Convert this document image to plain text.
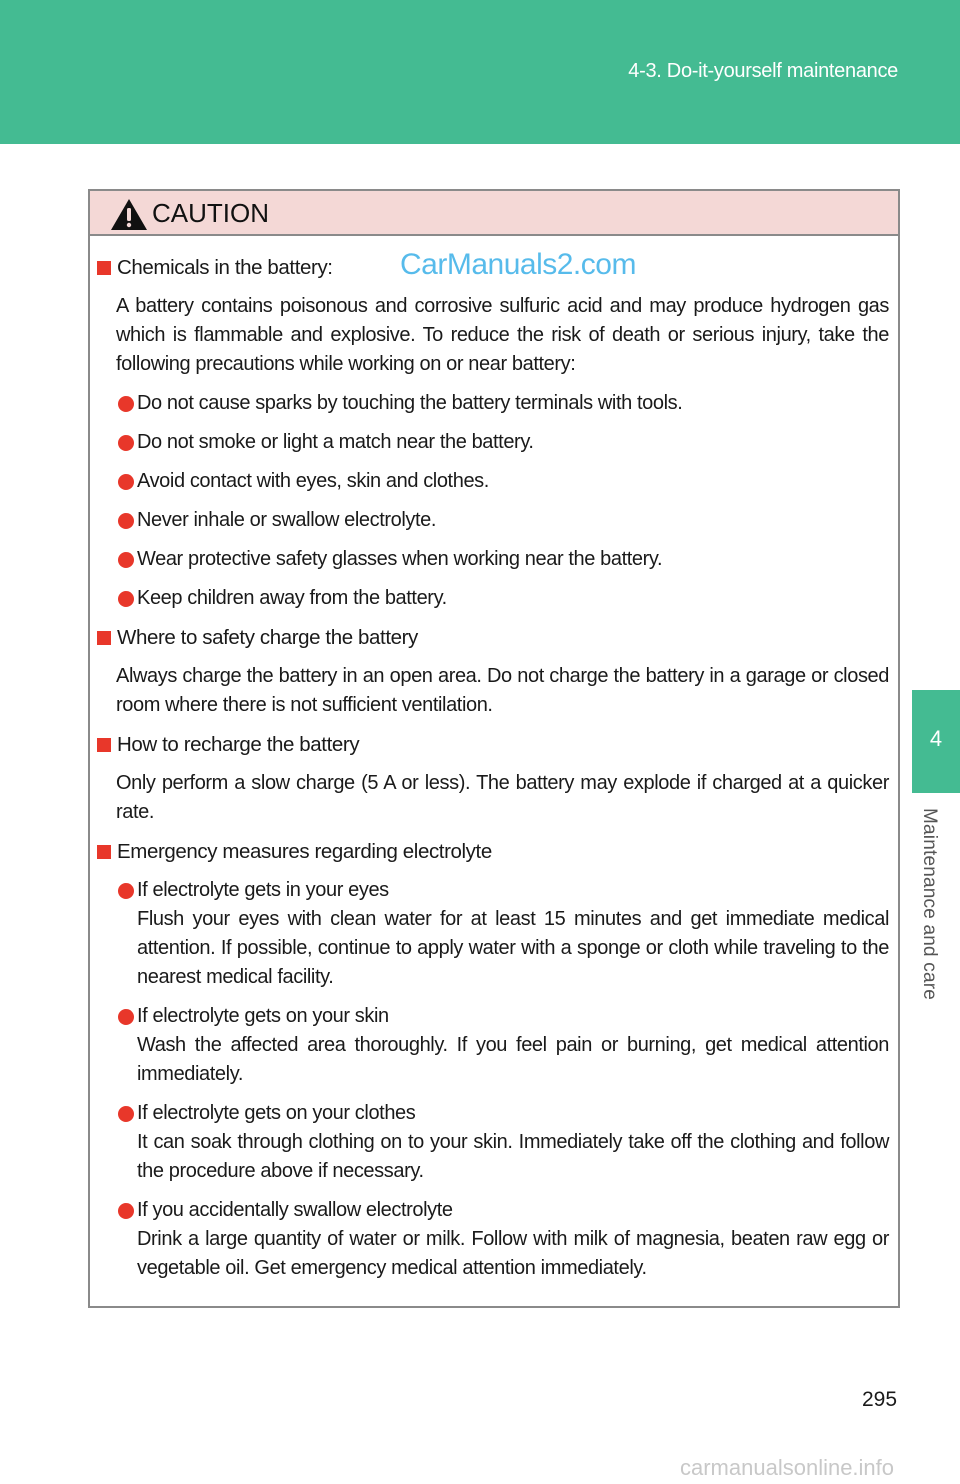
4-3. Do-it-yourself maintenance
4
Maintenance and care
CAUTION
Chemicals in the battery:
A battery contains poisonous and corrosive sulfuric acid and may produce hydrogen gas which is flammable and explosive. To reduce the risk of death or serious injury, take the following precautions while working on or near battery:
Do not cause sparks by touching the battery terminals with tools.
Do not smoke or light a match near the battery.
Avoid contact with eyes, skin and clothes.
Never inhale or swallow electrolyte.
Wear protective safety glasses when working near the battery.
Keep children away from the battery.
Where to safety charge the battery
Always charge the battery in an open area. Do not charge the battery in a garage or closed room where there is not sufficient ventilation.
How to recharge the battery
Only perform a slow charge (5 A or less). The battery may explode if charged at a quicker rate.
Emergency measures regarding electrolyte
If electrolyte gets in your eyes
Flush your eyes with clean water for at least 15 minutes and get immediate medical attention. If possible, continue to apply water with a sponge or cloth while traveling to the nearest medical facility.
If electrolyte gets on your skin
Wash the affected area thoroughly. If you feel pain or burning, get medical attention immediately.
If electrolyte gets on your clothes
It can soak through clothing on to your skin. Immediately take off the clothing and follow the procedure above if necessary.
If you accidentally swallow electrolyte
Drink a large quantity of water or milk. Follow with milk of magnesia, beaten raw egg or vegetable oil. Get emergency medical attention immediately.
CarManuals2.com
295
carmanualsonline.info
